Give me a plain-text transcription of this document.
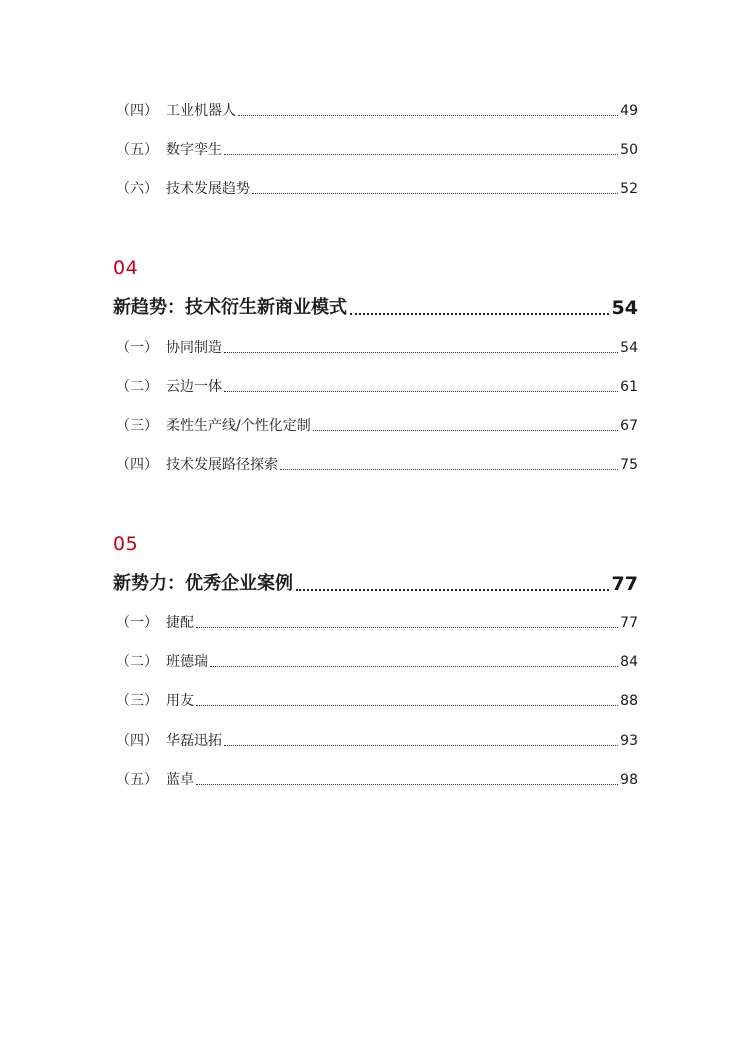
（四） 工业机器人	49
（五） 数字孪生	50
（六） 技术发展趋势	52
04
新趋势：技术衍生新商业模式	54
（一） 协同制造	54
（二） 云边一体	61
（三） 柔性生产线/个性化定制	67
（四） 技术发展路径探索	75
05
新势力：优秀企业案例	77
（一） 捷配	77
（二） 班德瑞	84
（三） 用友	88
（四） 华磊迅拓	93
（五） 蓝卓	98
